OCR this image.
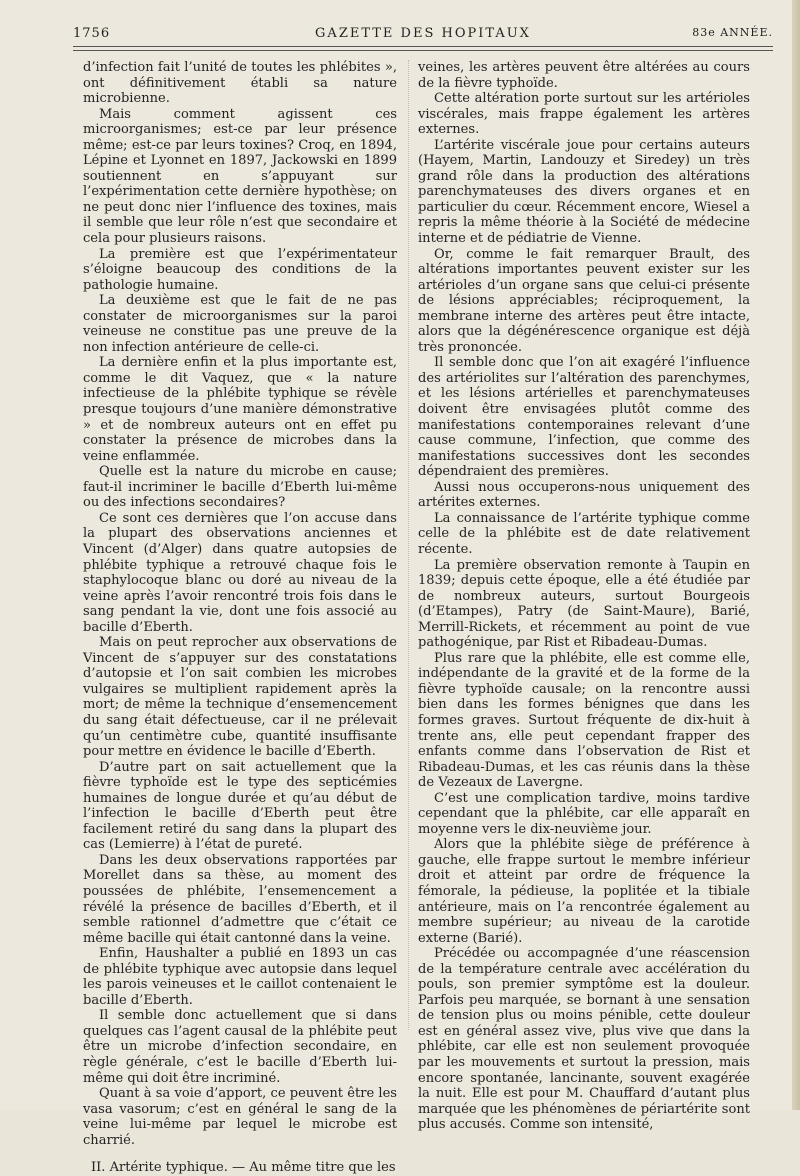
1756	GAZETTE DES HOPITAUX	83e ANNÉE.

d’infection fait l’unité de toutes les phlébites », ont définitivement établi sa nature microbienne.

Mais comment agissent ces microorganismes; est-ce par leur présence même; est-ce par leurs toxines? Croq, en 1894, Lépine et Lyonnet en 1897, Jackowski en 1899 soutiennent en s’appuyant sur l’expérimentation cette dernière hypothèse; on ne peut donc nier l’influence des toxines, mais il semble que leur rôle n’est que secondaire et cela pour plusieurs raisons.

La première est que l’expérimentateur s’éloigne beaucoup des conditions de la pathologie humaine.

La deuxième est que le fait de ne pas constater de microorganismes sur la paroi veineuse ne constitue pas une preuve de la non infection antérieure de celle-ci.

La dernière enfin et la plus importante est, comme le dit Vaquez, que « la nature infectieuse de la phlébite typhique se révèle presque toujours d’une manière démonstrative » et de nombreux auteurs ont en effet pu constater la présence de microbes dans la veine enflammée.

Quelle est la nature du microbe en cause; faut-il incriminer le bacille d’Eberth lui-même ou des infections secondaires?

Ce sont ces dernières que l’on accuse dans la plupart des observations anciennes et Vincent (d’Alger) dans quatre autopsies de phlébite typhique a retrouvé chaque fois le staphylocoque blanc ou doré au niveau de la veine après l’avoir rencontré trois fois dans le sang pendant la vie, dont une fois associé au bacille d’Eberth.

Mais on peut reprocher aux observations de Vincent de s’appuyer sur des constatations d’autopsie et l’on sait combien les microbes vulgaires se multiplient rapidement après la mort; de même la technique d’ensemencement du sang était défectueuse, car il ne prélevait qu’un centimètre cube, quantité insuffisante pour mettre en évidence le bacille d’Eberth.

D’autre part on sait actuellement que la fièvre typhoïde est le type des septicémies humaines de longue durée et qu’au début de l’infection le bacille d’Eberth peut être facilement retiré du sang dans la plupart des cas (Lemierre) à l’état de pureté.

Dans les deux observations rapportées par Morellet dans sa thèse, au moment des poussées de phlébite, l’ensemencement a révélé la présence de bacilles d’Eberth, et il semble rationnel d’admettre que c’était ce même bacille qui était cantonné dans la veine.

Enfin, Haushalter a publié en 1893 un cas de phlébite typhique avec autopsie dans lequel les parois veineuses et le caillot contenaient le bacille d’Eberth.

Il semble donc actuellement que si dans quelques cas l’agent causal de la phlébite peut être un microbe d’infection secondaire, en règle générale, c’est le bacille d’Eberth lui-même qui doit être incriminé.

Quant à sa voie d’apport, ce peuvent être les vasa vasorum; c’est en général le sang de la veine lui-même par lequel le microbe est charrié.

II. Artérite typhique. — Au même titre que les

veines, les artères peuvent être altérées au cours de la fièvre typhoïde.

Cette altération porte surtout sur les artérioles viscérales, mais frappe également les artères externes.

L’artérite viscérale joue pour certains auteurs (Hayem, Martin, Landouzy et Siredey) un très grand rôle dans la production des altérations parenchymateuses des divers organes et en particulier du cœur. Récemment encore, Wiesel a repris la même théorie à la Société de médecine interne et de pédiatrie de Vienne.

Or, comme le fait remarquer Brault, des altérations importantes peuvent exister sur les artérioles d’un organe sans que celui-ci présente de lésions appréciables; réciproquement, la membrane interne des artères peut être intacte, alors que la dégénérescence organique est déjà très prononcée.

Il semble donc que l’on ait exagéré l’influence des artériolites sur l’altération des parenchymes, et les lésions artérielles et parenchymateuses doivent être envisagées plutôt comme des manifestations contemporaines relevant d’une cause commune, l’infection, que comme des manifestations successives dont les secondes dépendraient des premières.

Aussi nous occuperons-nous uniquement des artérites externes.

La connaissance de l’artérite typhique comme celle de la phlébite est de date relativement récente.

La première observation remonte à Taupin en 1839; depuis cette époque, elle a été étudiée par de nombreux auteurs, surtout Bourgeois (d’Etampes), Patry (de Saint-Maure), Barié, Merrill-Rickets, et récemment au point de vue pathogénique, par Rist et Ribadeau-Dumas.

Plus rare que la phlébite, elle est comme elle, indépendante de la gravité et de la forme de la fièvre typhoïde causale; on la rencontre aussi bien dans les formes bénignes que dans les formes graves. Surtout fréquente de dix-huit à trente ans, elle peut cependant frapper des enfants comme dans l’observation de Rist et Ribadeau-Dumas, et les cas réunis dans la thèse de Vezeaux de Lavergne.

C’est une complication tardive, moins tardive cependant que la phlébite, car elle apparaît en moyenne vers le dix-neuvième jour.

Alors que la phlébite siège de préférence à gauche, elle frappe surtout le membre inférieur droit et atteint par ordre de fréquence la fémorale, la pédieuse, la poplitée et la tibiale antérieure, mais on l’a rencontrée également au membre supérieur; au niveau de la carotide externe (Barié).

Précédée ou accompagnée d’une réascension de la température centrale avec accélération du pouls, son premier symptôme est la douleur. Parfois peu marquée, se bornant à une sensation de tension plus ou moins pénible, cette douleur est en général assez vive, plus vive que dans la phlébite, car elle est non seulement provoquée par les mouvements et surtout la pression, mais encore spontanée, lancinante, souvent exagérée la nuit. Elle est pour M. Chauffard d’autant plus marquée que les phénomènes de périartérite sont plus accusés. Comme son intensité,
